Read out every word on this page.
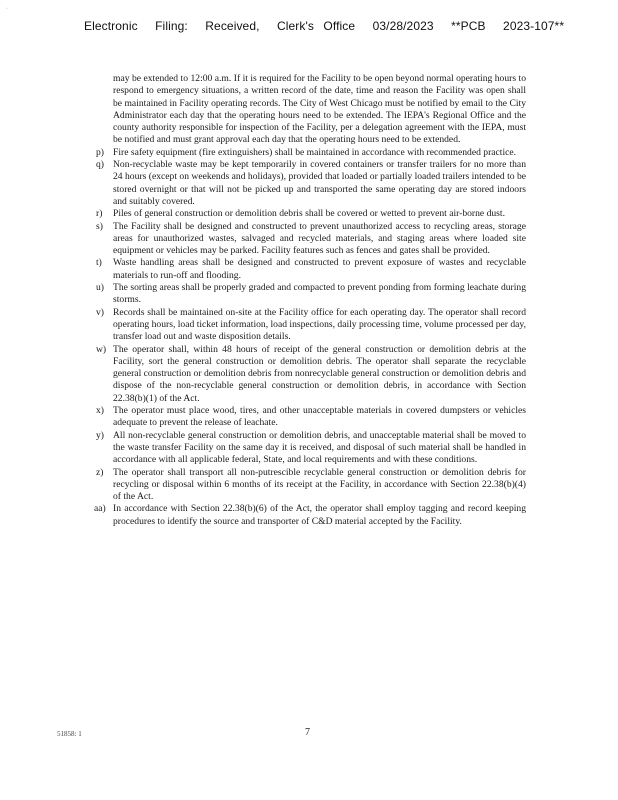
·
Electronic Filing: Received, Clerk's Office 03/28/2023 **PCB 2023-107**
may be extended to 12:00 a.m. If it is required for the Facility to be open beyond normal operating hours to respond to emergency situations, a written record of the date, time and reason the Facility was open shall be maintained in Facility operating records. The City of West Chicago must be notified by email to the City Administrator each day that the operating hours need to be extended. The IEPA's Regional Office and the county authority responsible for inspection of the Facility, per a delegation agreement with the IEPA, must be notified and must grant approval each day that the operating hours need to be extended.
p) Fire safety equipment (fire extinguishers) shall be maintained in accordance with recommended practice.
q) Non-recyclable waste may be kept temporarily in covered containers or transfer trailers for no more than 24 hours (except on weekends and holidays), provided that loaded or partially loaded trailers intended to be stored overnight or that will not be picked up and transported the same operating day are stored indoors and suitably covered.
r)	Piles of general construction or demolition debris shall be covered or wetted to prevent air-borne dust.
s)	The Facility shall be designed and constructed to prevent unauthorized access to recycling areas, storage areas for unauthorized wastes, salvaged and recycled materials, and staging areas where loaded site equipment or vehicles may be parked. Facility features such as fences and gates shall be provided.
t)	Waste handling areas shall be designed and constructed to prevent exposure of wastes and recyclable materials to run-off and flooding.
u) The sorting areas shall be properly graded and compacted to prevent ponding from forming leachate during storms.
v) Records shall be maintained on-site at the Facility office for each operating day. The operator shall record operating hours, load ticket information, load inspections, daily processing time, volume processed per day, transfer load out and waste disposition details.
w) The operator shall, within 48 hours of receipt of the general construction or demolition debris at the Facility, sort the general construction or demolition debris. The operator shall separate the recyclable general construction or demolition debris from nonrecyclable general construction or demolition debris and dispose of the non-recyclable general construction or demolition debris, in accordance with Section 22.38(b)(1) of the Act.
x) The operator must place wood, tires, and other unacceptable materials in covered dumpsters or vehicles adequate to prevent the release of leachate.
y) All non-recyclable general construction or demolition debris, and unacceptable material shall be moved to the waste transfer Facility on the same day it is received, and disposal of such material shall be handled in accordance with all applicable federal, State, and local requirements and with these conditions.
z) The operator shall transport all non-putrescible recyclable general construction or demolition debris for recycling or disposal within 6 months of its receipt at the Facility, in accordance with Section 22.38(b)(4) of the Act.
aa) In accordance with Section 22.38(b)(6) of the Act, the operator shall employ tagging and record keeping procedures to identify the source and transporter of C&D material accepted by the Facility.
51858: 1	7
